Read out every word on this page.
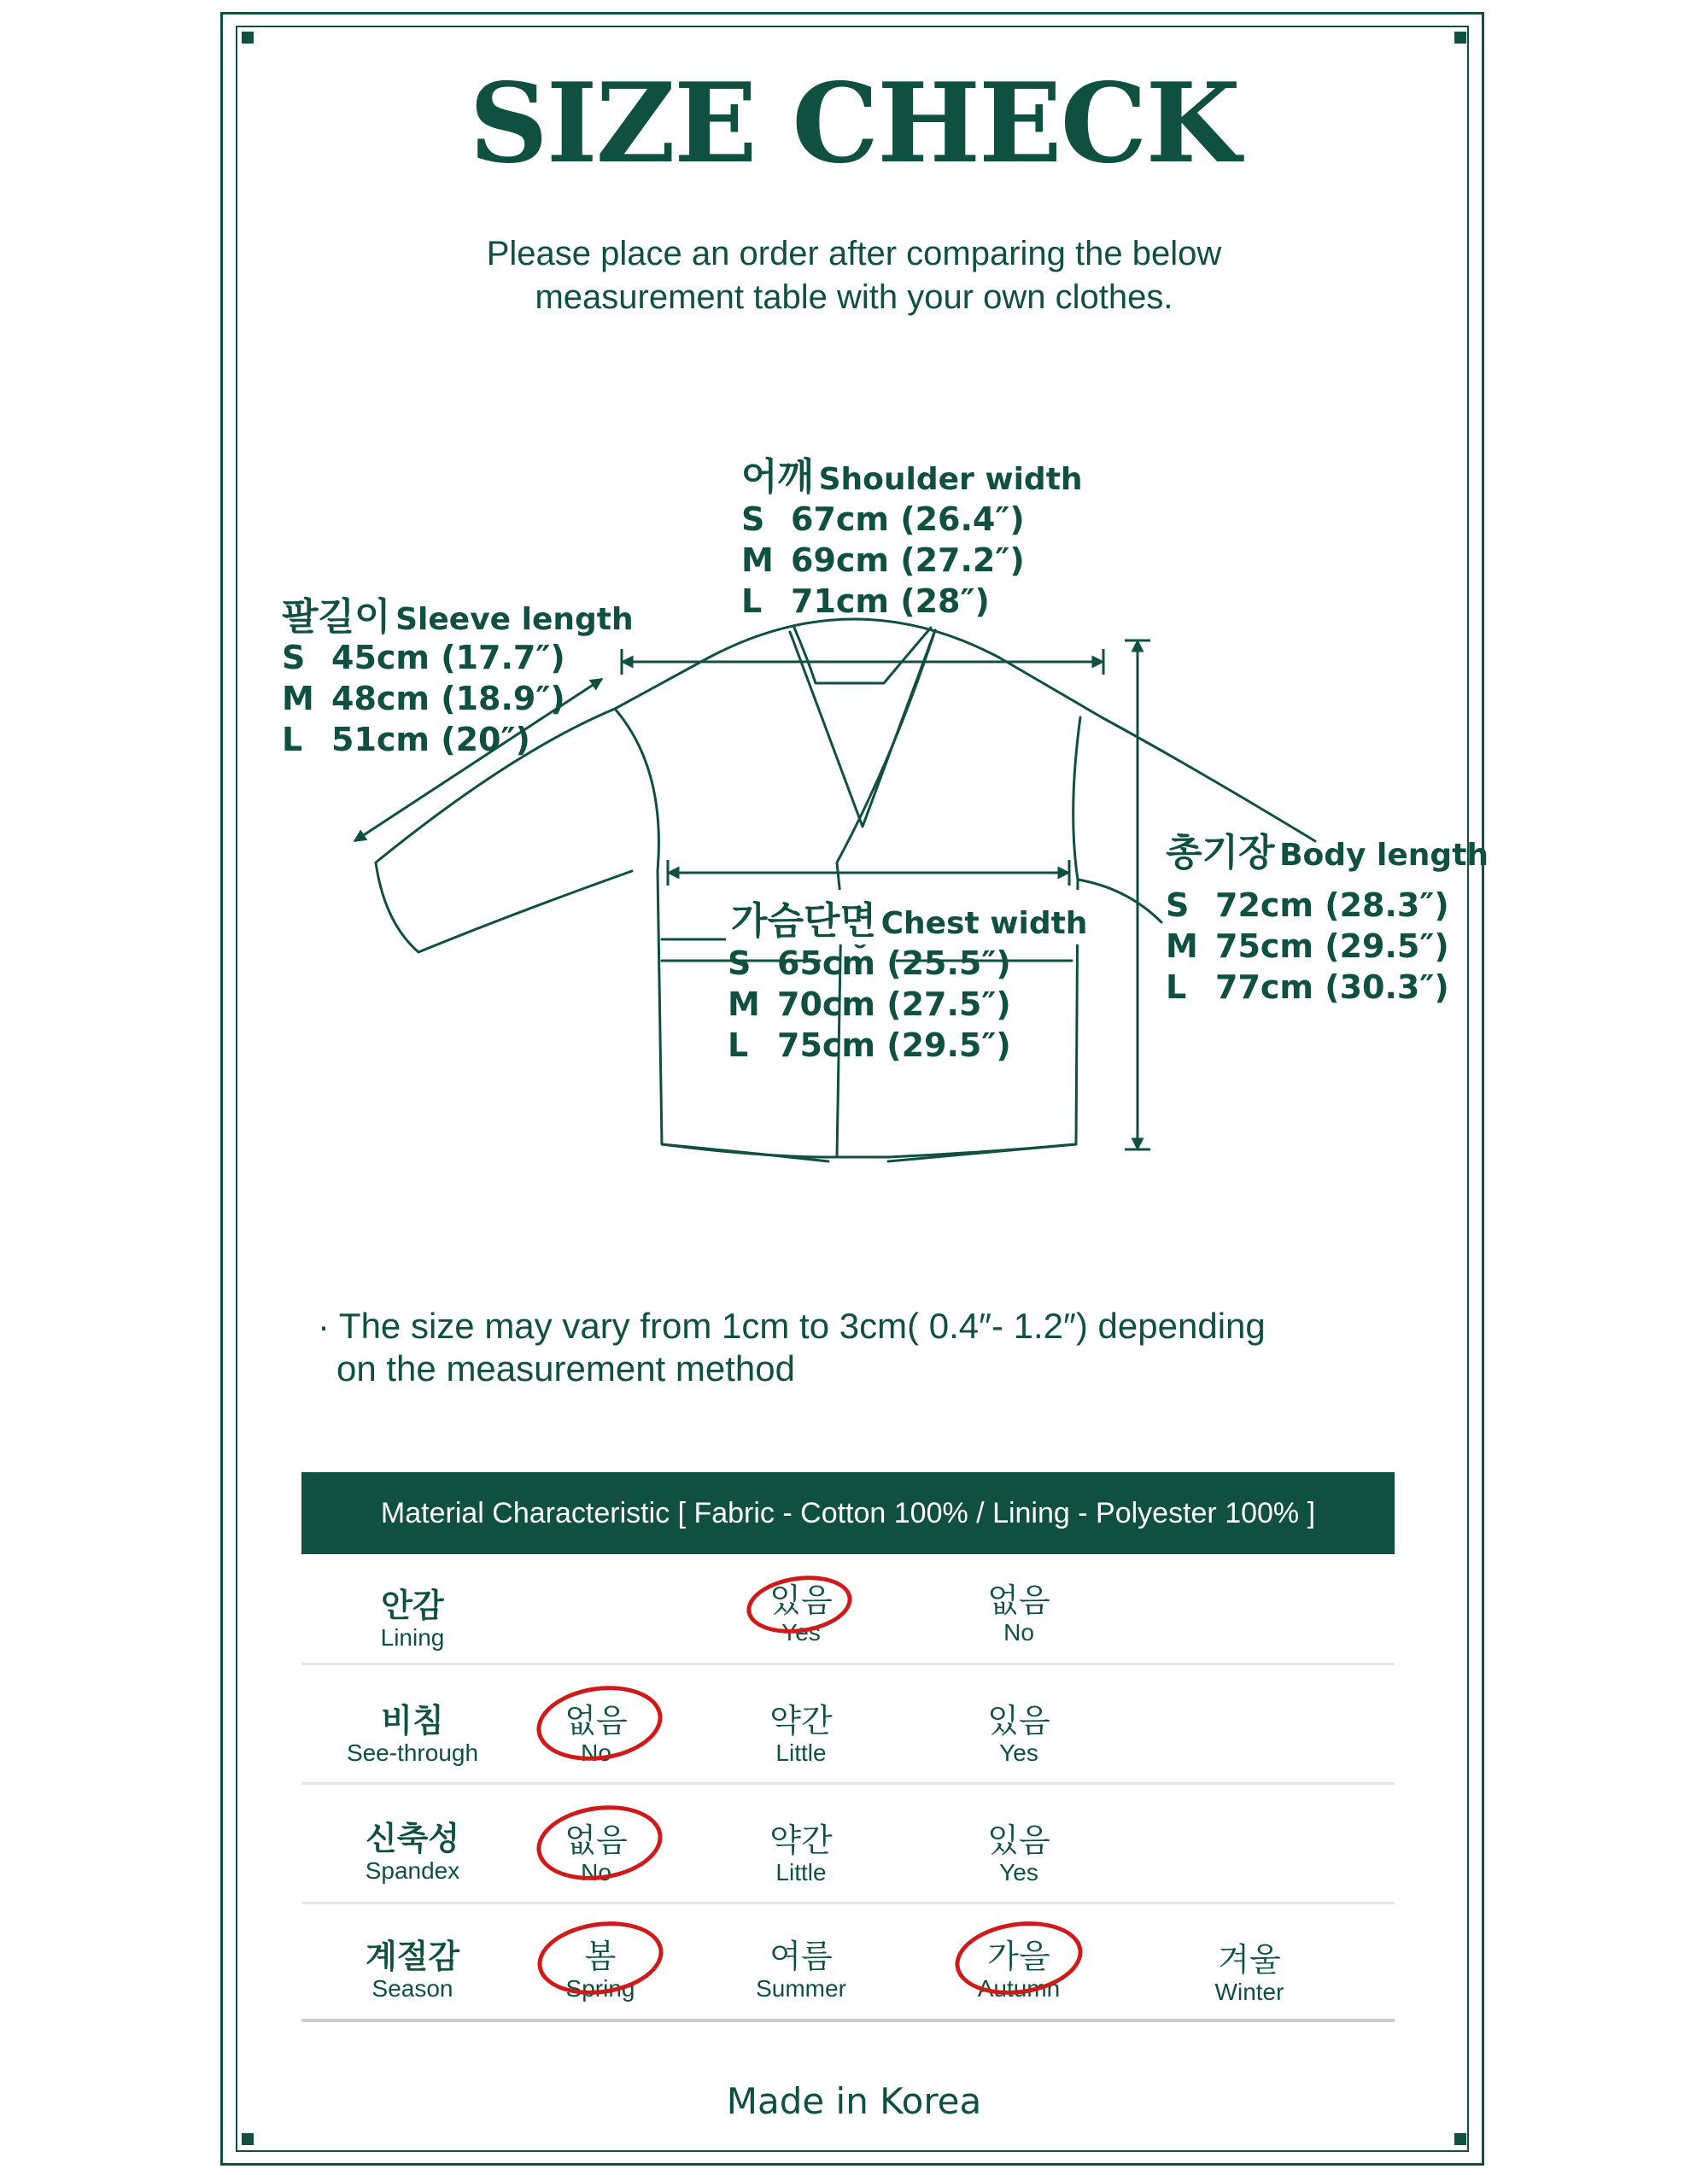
SIZE CHECK
Please place an order after comparing the below
measurement table with your own clothes.
어깨 Shoulder width
S 67cm (26.4″)
M 69cm (27.2″)
L 71cm (28″)
팔길이 Sleeve length
S 45cm (17.7″)
M 48cm (18.9″)
L 51cm (20″)
총기장 Body length
S 72cm (28.3″)
M 75cm (29.5″)
L 77cm (30.3″)
가슴단면 Chest width
S 65cm (25.5″)
M 70cm (27.5″)
L 75cm (29.5″)
· The size may vary from 1cm to 3cm( 0.4″- 1.2″) depending
on the measurement method
Material Characteristic [ Fabric - Cotton 100% / Lining - Polyester 100% ]
안감
Lining
있음
Yes
없음
No
비침
See-through
없음
No
약간
Little
있음
Yes
신축성
Spandex
없음
No
약간
Little
있음
Yes
계절감
Season
봄
Spring
여름
Summer
가을
Autumn
겨울
Winter
Made in Korea
